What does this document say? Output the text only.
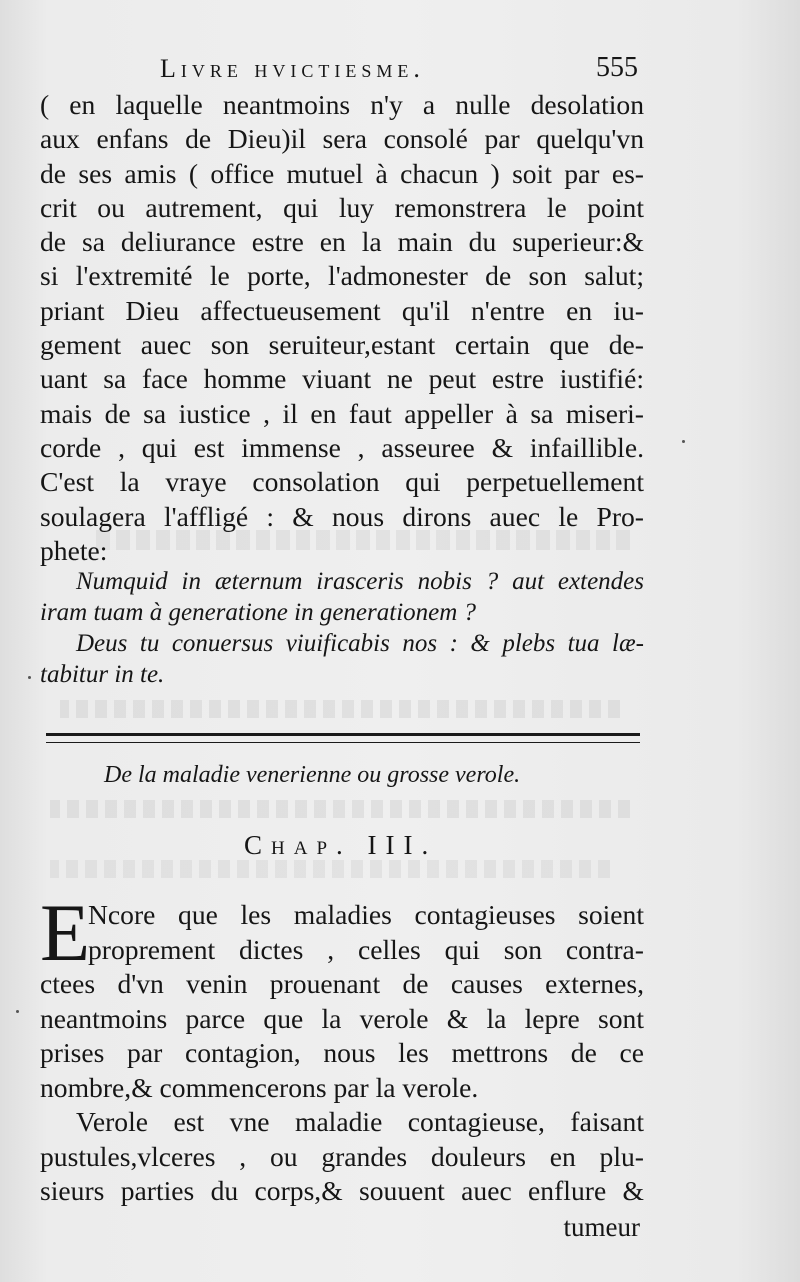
Livre hvictiesme.	555
( en laquelle neantmoins n'y a nulle desolation
aux enfans de Dieu)il sera consolé par quelqu'vn
de ses amis ( office mutuel à chacun ) soit par es-
crit ou autrement, qui luy remonstrera le point
de sa deliurance estre en la main du superieur:&
si l'extremité le porte, l'admonester de son salut;
priant Dieu affectueusement qu'il n'entre en iu-
gement auec son seruiteur,estant certain que de-
uant sa face homme viuant ne peut estre iustifié:
mais de sa iustice , il en faut appeller à sa miseri-
corde , qui est immense , asseuree & infaillible.
C'est la vraye consolation qui perpetuellement
soulagera l'affligé : & nous dirons auec le Pro-
phete:
Numquid in æternum irasceris nobis ? aut extendes
iram tuam à generatione in generationem ?
Deus tu conuersus viuificabis nos : & plebs tua læ-
tabitur in te.
De la maladie venerienne ou grosse verole.
Chap. III.
E
Ncore que les maladies contagieuses soient
proprement dictes , celles qui son contra-
ctees d'vn venin prouenant de causes externes,
neantmoins parce que la verole & la lepre sont
prises par contagion, nous les mettrons de ce
nombre,& commencerons par la verole.
Verole est vne maladie contagieuse, faisant
pustules,vlceres , ou grandes douleurs en plu-
sieurs parties du corps,& souuent auec enflure &
tumeur
